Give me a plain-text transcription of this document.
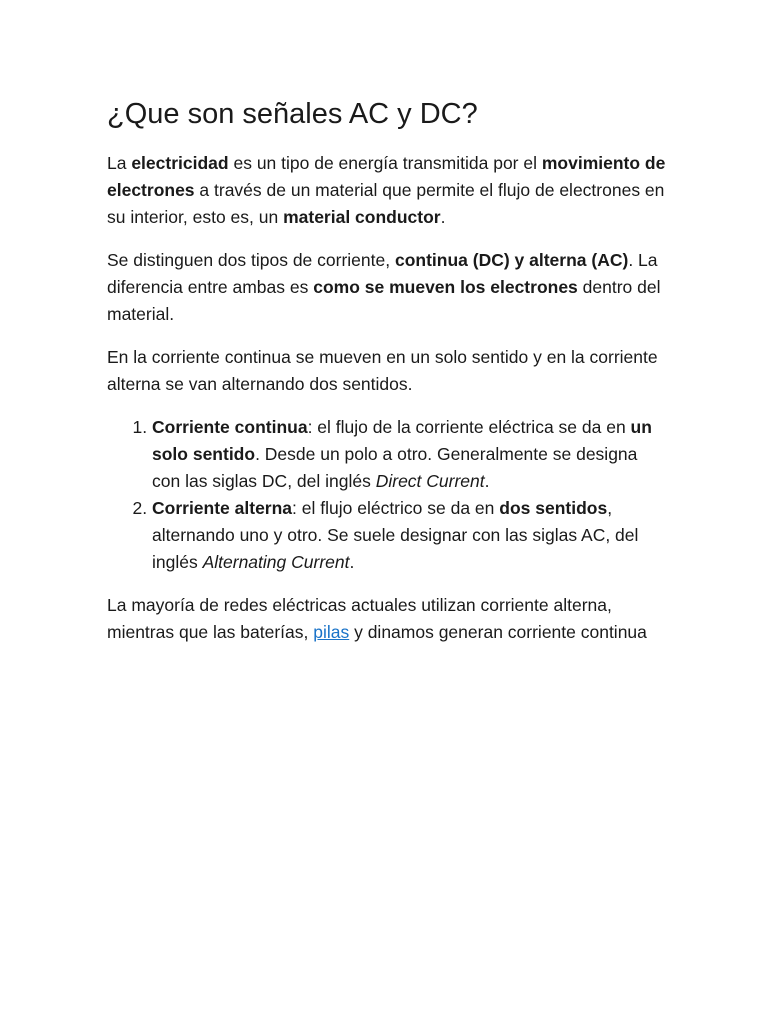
¿Que son señales AC y DC?

La electricidad es un tipo de energía transmitida por el movimiento de electrones a través de un material que permite el flujo de electrones en su interior, esto es, un material conductor.

Se distinguen dos tipos de corriente, continua (DC) y alterna (AC). La diferencia entre ambas es como se mueven los electrones dentro del material.

En la corriente continua se mueven en un solo sentido y en la corriente alterna se van alternando dos sentidos.

1. Corriente continua: el flujo de la corriente eléctrica se da en un solo sentido. Desde un polo a otro. Generalmente se designa con las siglas DC, del inglés Direct Current.
2. Corriente alterna: el flujo eléctrico se da en dos sentidos, alternando uno y otro. Se suele designar con las siglas AC, del inglés Alternating Current.

La mayoría de redes eléctricas actuales utilizan corriente alterna, mientras que las baterías, pilas y dinamos generan corriente continua
